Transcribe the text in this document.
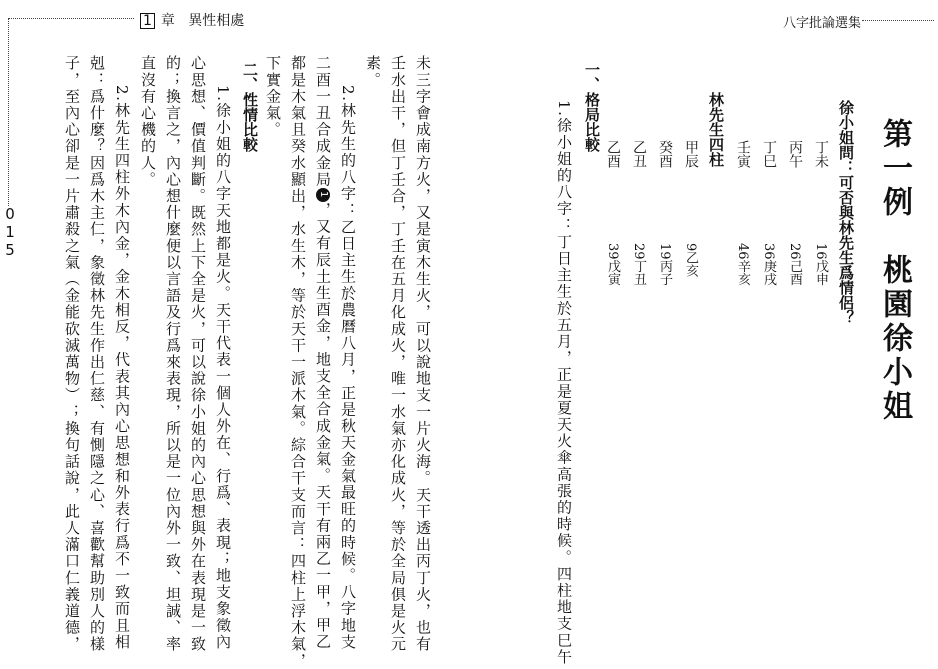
1 章 異性相處	八字批論選集
015	第一例　桃園徐小姐
徐小姐問：可否與林先生爲情侶？
丁未
丙午
丁巳
壬寅
16戊申
26己酉
36庚戌
46辛亥
林先生四柱
甲辰
癸酉
乙丑
乙酉
9乙亥
19丙子
29丁丑
39戊寅
一、格局比較
1.徐小姐的八字：丁日主生於五月，正是夏天火傘高張的時候。四柱地支巳午
未三字會成南方火，又是寅木生火，可以說地支一片火海。天干透出丙丁火，也有
壬水出干，但丁壬合，丁壬在五月化成火，唯一水氣亦化成火，等於全局俱是火元
素。
2.林先生的八字：乙日主生於農曆八月，正是秋天金氣最旺的時候。八字地支
二酉一丑合成金局1，又有辰土生酉金，地支全合成金氣。天干有兩乙一甲，甲乙
都是木氣且癸水顯出，水生木，等於天干一派木氣。綜合干支而言：四柱上浮木氣，
下實金氣。
二、性情比較
1.徐小姐的八字天地都是火。天干代表一個人外在、行爲、表現；地支象徵內
心思想、價值判斷。既然上下全是火，可以說徐小姐的內心思想與外在表現是一致
的；換言之，內心想什麼便以言語及行爲來表現，所以是一位內外一致、坦誠、率
直沒有心機的人。
2.林先生四柱外木內金，金木相反，代表其內心思想和外表行爲不一致而且相
剋：爲什麼？因爲木主仁，象徵林先生作出仁慈、有惻隱之心、喜歡幫助別人的樣
子，至內心卻是一片肅殺之氣（金能砍滅萬物）；換句話說，此人滿口仁義道德，
